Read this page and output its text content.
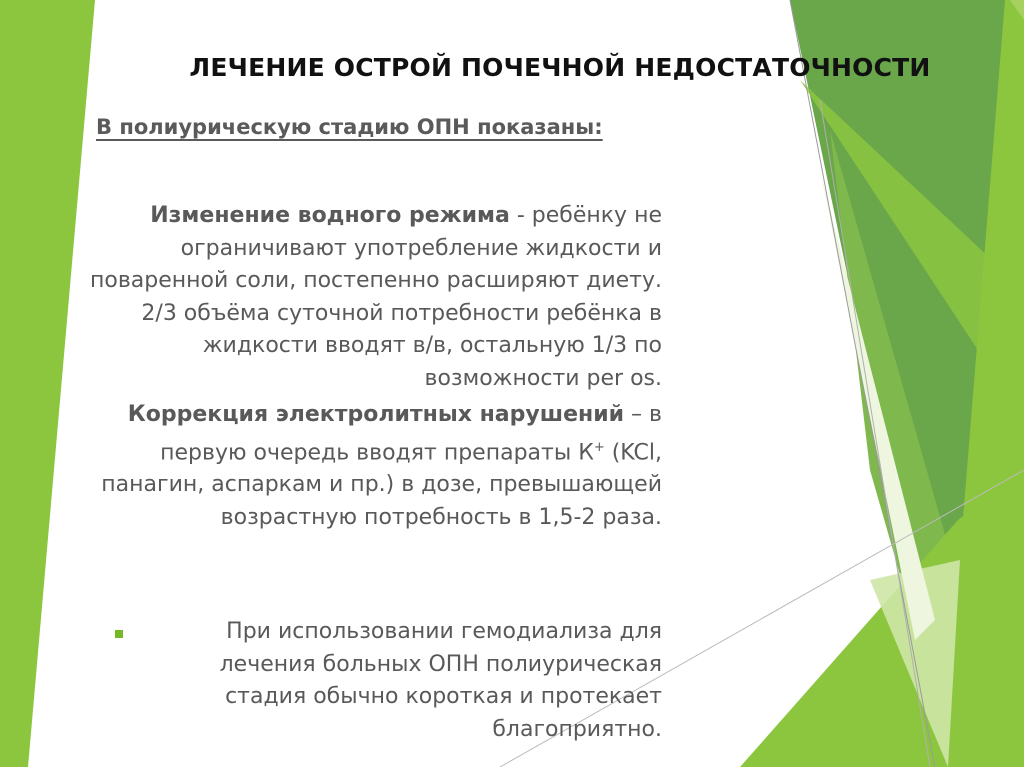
ЛЕЧЕНИЕ ОСТРОЙ ПОЧЕЧНОЙ НЕДОСТАТОЧНОСТИ
В полиурическую стадию ОПН показаны:
1.	Изменение водного режима - ребёнку не ограничивают употребление жидкости и поваренной соли, постепенно расширяют диету. 2/3 объёма суточной потребности ребёнка в жидкости вводят в/в, остальную 1/3 по возможности per os.
2.	Коррекция электролитных нарушений – в первую очередь вводят препараты К+ (KCl, панагин, аспаркам и пр.) в дозе, превышающей возрастную потребность в 1,5-2 раза.
При использовании гемодиализа для лечения больных ОПН полиурическая стадия обычно короткая и протекает благоприятно.
